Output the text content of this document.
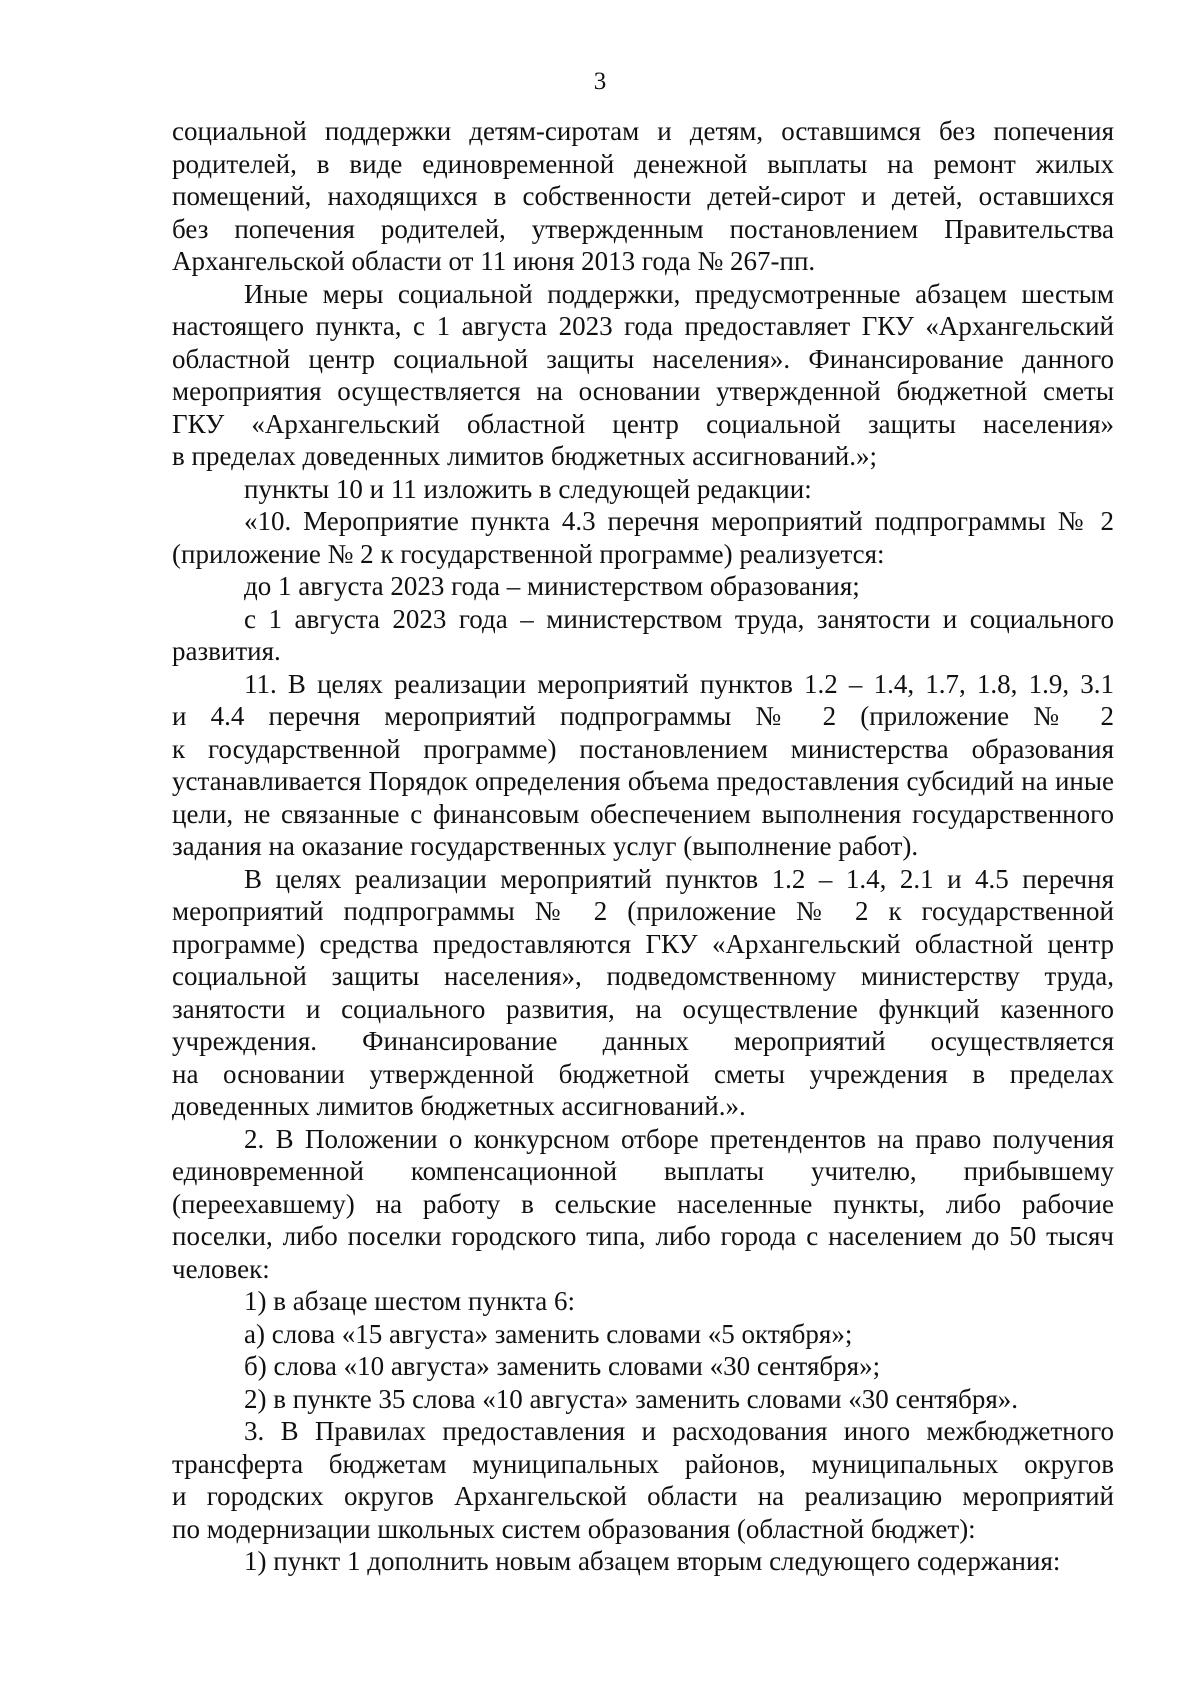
3
социальной поддержки детям-сиротам и детям, оставшимся без попечения
родителей, в виде единовременной денежной выплаты на ремонт жилых
помещений, находящихся в собственности детей-сирот и детей, оставшихся
без попечения родителей, утвержденным постановлением Правительства
Архангельской области от 11 июня 2013 года № 267-пп.
Иные меры социальной поддержки, предусмотренные абзацем шестым
настоящего пункта, с 1 августа 2023 года предоставляет ГКУ «Архангельский
областной центр социальной защиты населения». Финансирование данного
мероприятия осуществляется на основании утвержденной бюджетной сметы
ГКУ «Архангельский областной центр социальной защиты населения»
в пределах доведенных лимитов бюджетных ассигнований.»;
пункты 10 и 11 изложить в следующей редакции:
«10. Мероприятие пункта 4.3 перечня мероприятий подпрограммы № 2
(приложение № 2 к государственной программе) реализуется:
до 1 августа 2023 года – министерством образования;
с 1 августа 2023 года – министерством труда, занятости и социального
развития.
11. В целях реализации мероприятий пунктов 1.2 – 1.4, 1.7, 1.8, 1.9, 3.1
и 4.4 перечня мероприятий подпрограммы № 2 (приложение № 2
к государственной программе) постановлением министерства образования
устанавливается Порядок определения объема предоставления субсидий на иные
цели, не связанные с финансовым обеспечением выполнения государственного
задания на оказание государственных услуг (выполнение работ).
В целях реализации мероприятий пунктов 1.2 – 1.4, 2.1 и 4.5 перечня
мероприятий подпрограммы № 2 (приложение № 2 к государственной
программе) средства предоставляются ГКУ «Архангельский областной центр
социальной защиты населения», подведомственному министерству труда,
занятости и социального развития, на осуществление функций казенного
учреждения. Финансирование данных мероприятий осуществляется
на основании утвержденной бюджетной сметы учреждения в пределах
доведенных лимитов бюджетных ассигнований.».
2. В Положении о конкурсном отборе претендентов на право получения
единовременной компенсационной выплаты учителю, прибывшему
(переехавшему) на работу в сельские населенные пункты, либо рабочие
поселки, либо поселки городского типа, либо города с населением до 50 тысяч
человек:
1) в абзаце шестом пункта 6:
а) слова «15 августа» заменить словами «5 октября»;
б) слова «10 августа» заменить словами «30 сентября»;
2) в пункте 35 слова «10 августа» заменить словами «30 сентября».
3. В Правилах предоставления и расходования иного межбюджетного
трансферта бюджетам муниципальных районов, муниципальных округов
и городских округов Архангельской области на реализацию мероприятий
по модернизации школьных систем образования (областной бюджет):
1) пункт 1 дополнить новым абзацем вторым следующего содержания:
